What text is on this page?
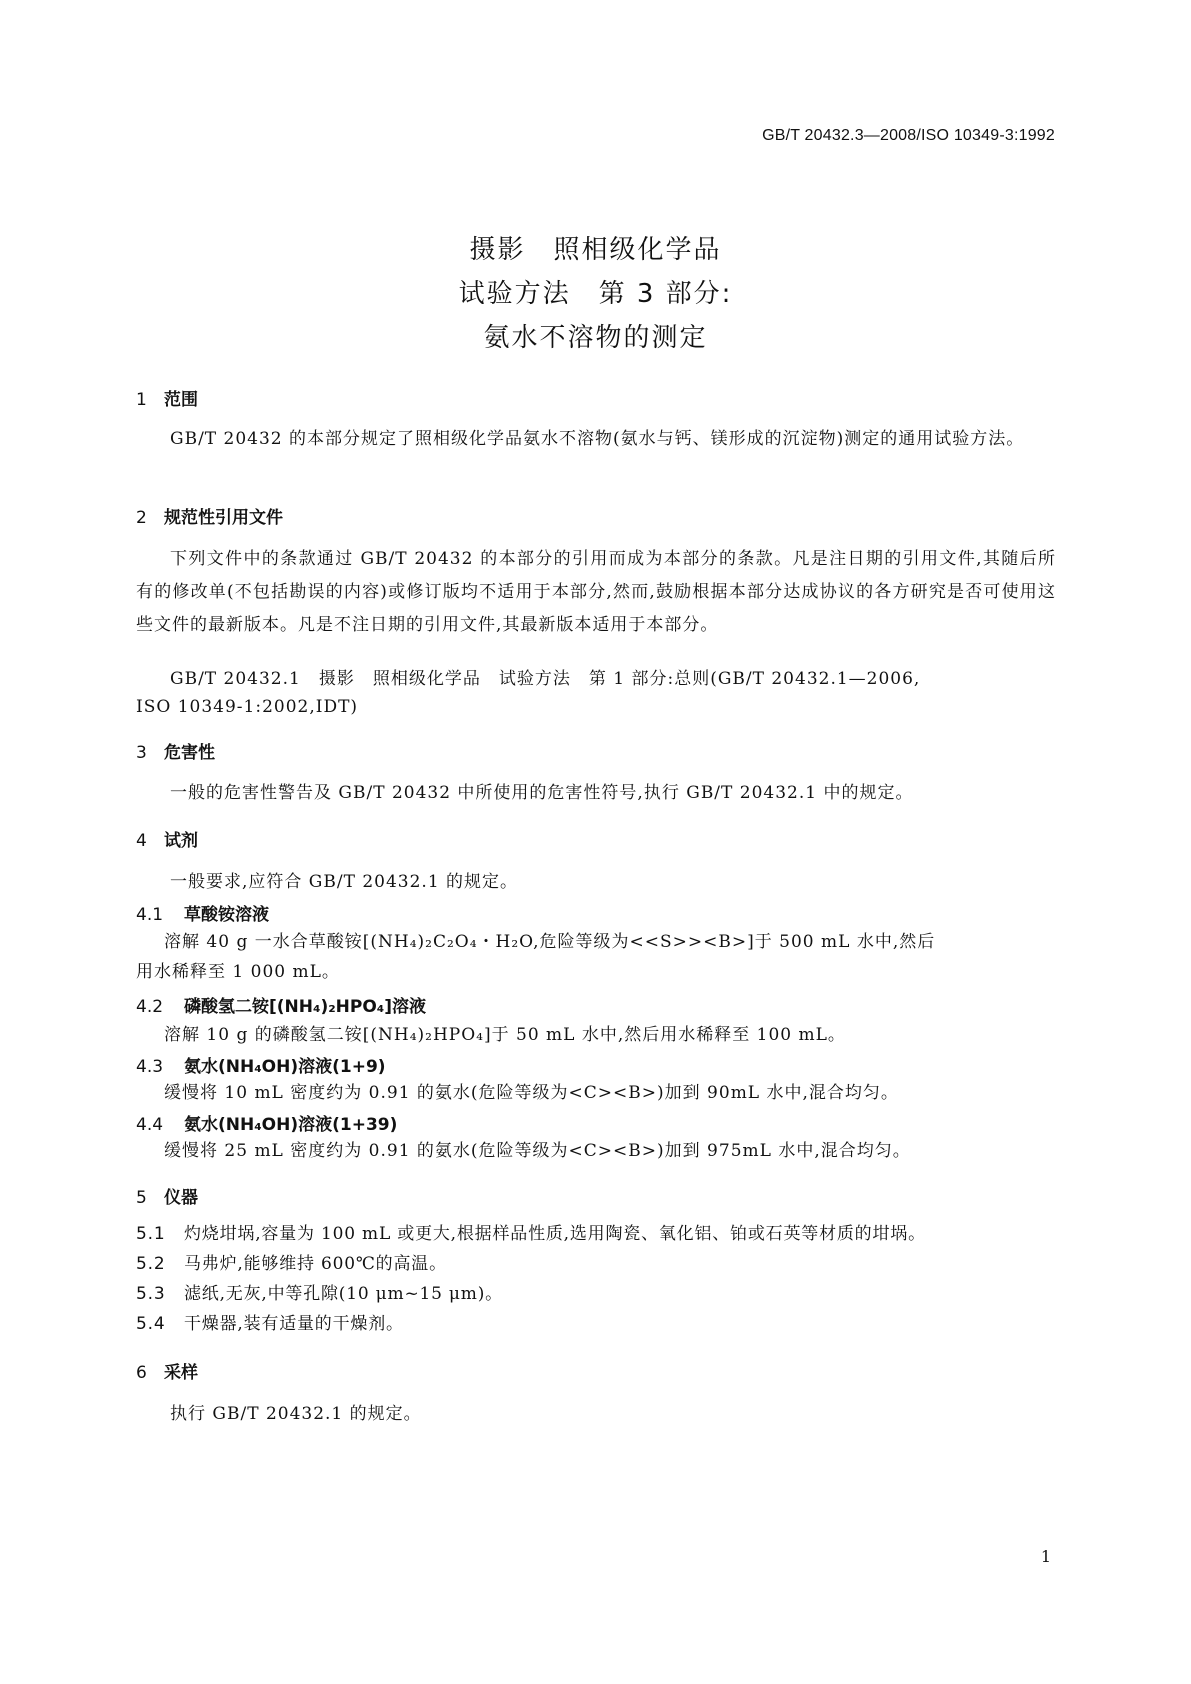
GB/T 20432.3—2008/ISO 10349-3:1992
摄影　照相级化学品
试验方法　第 3 部分:
氨水不溶物的测定
1 范围
GB/T 20432 的本部分规定了照相级化学品氨水不溶物(氨水与钙、镁形成的沉淀物)测定的通用试验方法。
2 规范性引用文件
下列文件中的条款通过 GB/T 20432 的本部分的引用而成为本部分的条款。凡是注日期的引用文件,其随后所有的修改单(不包括勘误的内容)或修订版均不适用于本部分,然而,鼓励根据本部分达成协议的各方研究是否可使用这些文件的最新版本。凡是不注日期的引用文件,其最新版本适用于本部分。
GB/T 20432.1　摄影　照相级化学品　试验方法　第 1 部分:总则(GB/T 20432.1—2006,
ISO 10349-1:2002,IDT)
3 危害性
一般的危害性警告及 GB/T 20432 中所使用的危害性符号,执行 GB/T 20432.1 中的规定。
4 试剂
一般要求,应符合 GB/T 20432.1 的规定。
4.1 草酸铵溶液
溶解 40 g 一水合草酸铵[(NH₄)₂C₂O₄・H₂O,危险等级为<<S>><B>]于 500 mL 水中,然后
用水稀释至 1 000 mL。
4.2 磷酸氢二铵[(NH₄)₂HPO₄]溶液
溶解 10 g 的磷酸氢二铵[(NH₄)₂HPO₄]于 50 mL 水中,然后用水稀释至 100 mL。
4.3 氨水(NH₄OH)溶液(1+9)
缓慢将 10 mL 密度约为 0.91 的氨水(危险等级为<C><B>)加到 90mL 水中,混合均匀。
4.4 氨水(NH₄OH)溶液(1+39)
缓慢将 25 mL 密度约为 0.91 的氨水(危险等级为<C><B>)加到 975mL 水中,混合均匀。
5 仪器
5.1 灼烧坩埚,容量为 100 mL 或更大,根据样品性质,选用陶瓷、氧化铝、铂或石英等材质的坩埚。
5.2 马弗炉,能够维持 600℃的高温。
5.3 滤纸,无灰,中等孔隙(10 μm~15 μm)。
5.4 干燥器,装有适量的干燥剂。
6 采样
执行 GB/T 20432.1 的规定。
1
